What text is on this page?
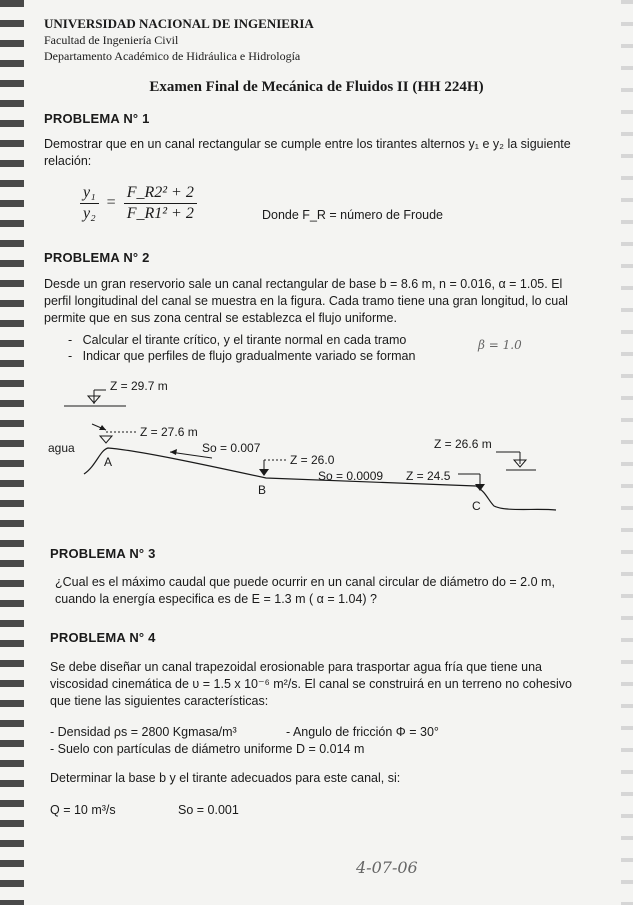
UNIVERSIDAD NACIONAL DE INGENIERIA
Facultad de Ingeniería Civil
Departamento Académico de Hidráulica e Hidrología
Examen Final de Mecánica de Fluidos II (HH 224H)
PROBLEMA N° 1
Demostrar que en un canal rectangular se cumple entre los tirantes alternos y₁ e y₂ la siguiente relación:
$\frac{\text{y₁}}{\text{y₂}} = \frac{\text{F\_R2² + 2}}{\text{F\_R1² + 2}}$	Donde F_R = número de Froude
PROBLEMA N° 2
Desde un gran reservorio sale un canal rectangular de base b = 8.6 m, n = 0.016, α = 1.05. El perfil longitudinal del canal se muestra en la figura. Cada tramo tiene una gran longitud, lo cual permite que en sus zona central se establezca el flujo uniforme.
-   Calcular el tirante crítico, y el tirante normal en cada tramo
-   Indicar que perfiles de flujo gradualmente variado se forman
β = 1.0
Z = 29.7 m
Z = 27.6 m
agua	So = 0.007
Z = 26.0
So = 0.0009 Z = 24.5
Z = 26.6 m
A
B
C
PROBLEMA N° 3
¿Cual es el máximo caudal que puede ocurrir en un canal circular de diámetro do = 2.0 m, cuando la energía especifica es de E = 1.3 m ( α = 1.04) ?
PROBLEMA N° 4
Se debe diseñar un canal trapezoidal erosionable para trasportar agua fría que tiene una viscosidad cinemática de υ = 1.5 x 10⁻⁶ m²/s. El canal se construirá en un terreno no cohesivo que tiene las siguientes características:
- Densidad ρs = 2800 Kgmasa/m³	- Angulo de fricción Φ = 30°
- Suelo con partículas de diámetro uniforme D = 0.014 m
Determinar la base b y el tirante adecuados para este canal, si:
Q = 10 m³/s	So = 0.001
4-07-06
